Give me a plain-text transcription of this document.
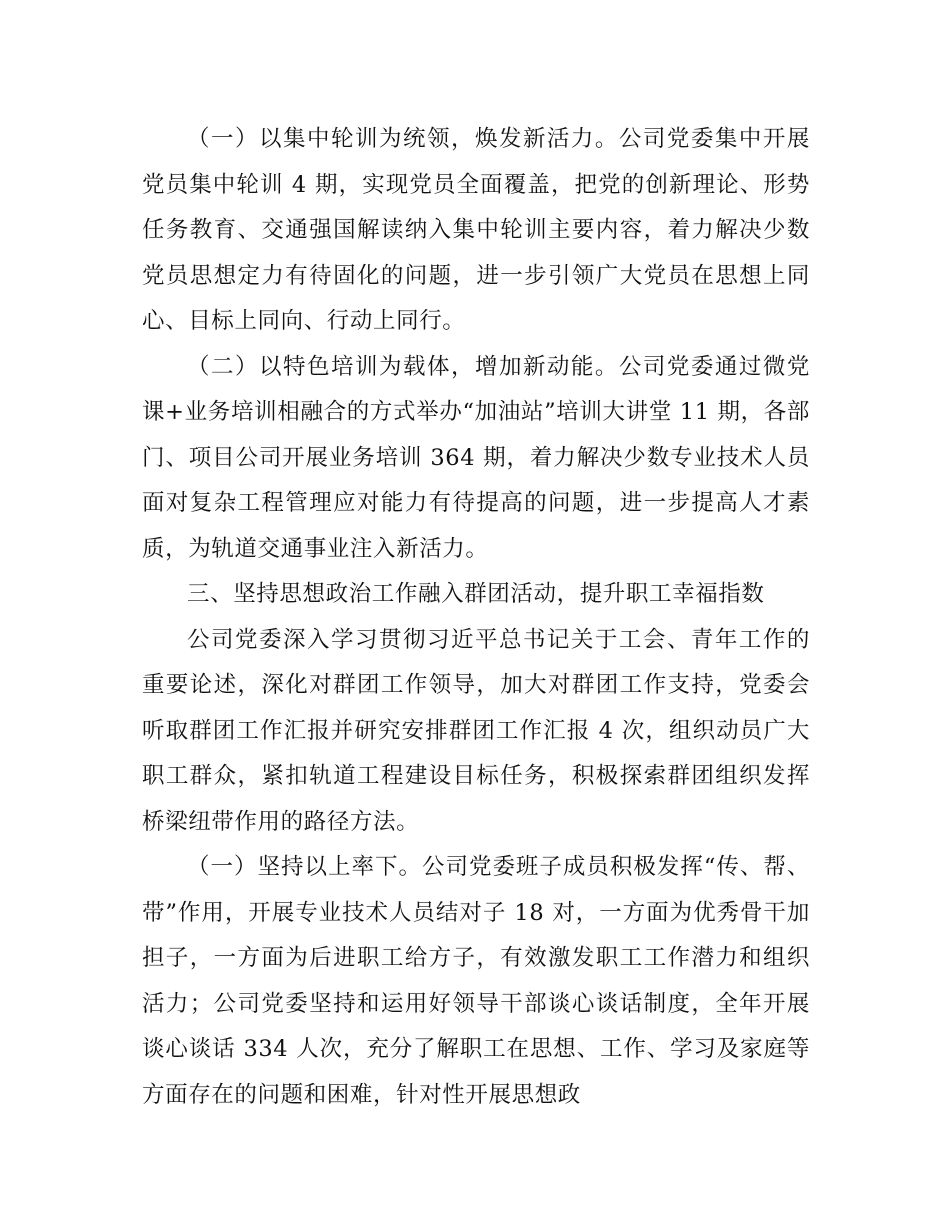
（一）以集中轮训为统领，焕发新活力。公司党委集中开展党员集中轮训 4 期，实现党员全面覆盖，把党的创新理论、形势任务教育、交通强国解读纳入集中轮训主要内容，着力解决少数党员思想定力有待固化的问题，进一步引领广大党员在思想上同心、目标上同向、行动上同行。

（二）以特色培训为载体，增加新动能。公司党委通过微党课+业务培训相融合的方式举办“加油站”培训大讲堂 11 期，各部门、项目公司开展业务培训 364 期，着力解决少数专业技术人员面对复杂工程管理应对能力有待提高的问题，进一步提高人才素质，为轨道交通事业注入新活力。

三、坚持思想政治工作融入群团活动，提升职工幸福指数

公司党委深入学习贯彻习近平总书记关于工会、青年工作的重要论述，深化对群团工作领导，加大对群团工作支持，党委会听取群团工作汇报并研究安排群团工作汇报 4 次，组织动员广大职工群众，紧扣轨道工程建设目标任务，积极探索群团组织发挥桥梁纽带作用的路径方法。

（一）坚持以上率下。公司党委班子成员积极发挥“传、帮、带”作用，开展专业技术人员结对子 18 对，一方面为优秀骨干加担子，一方面为后进职工给方子，有效激发职工工作潜力和组织活力；公司党委坚持和运用好领导干部谈心谈话制度，全年开展谈心谈话 334 人次，充分了解职工在思想、工作、学习及家庭等方面存在的问题和困难，针对性开展思想政
